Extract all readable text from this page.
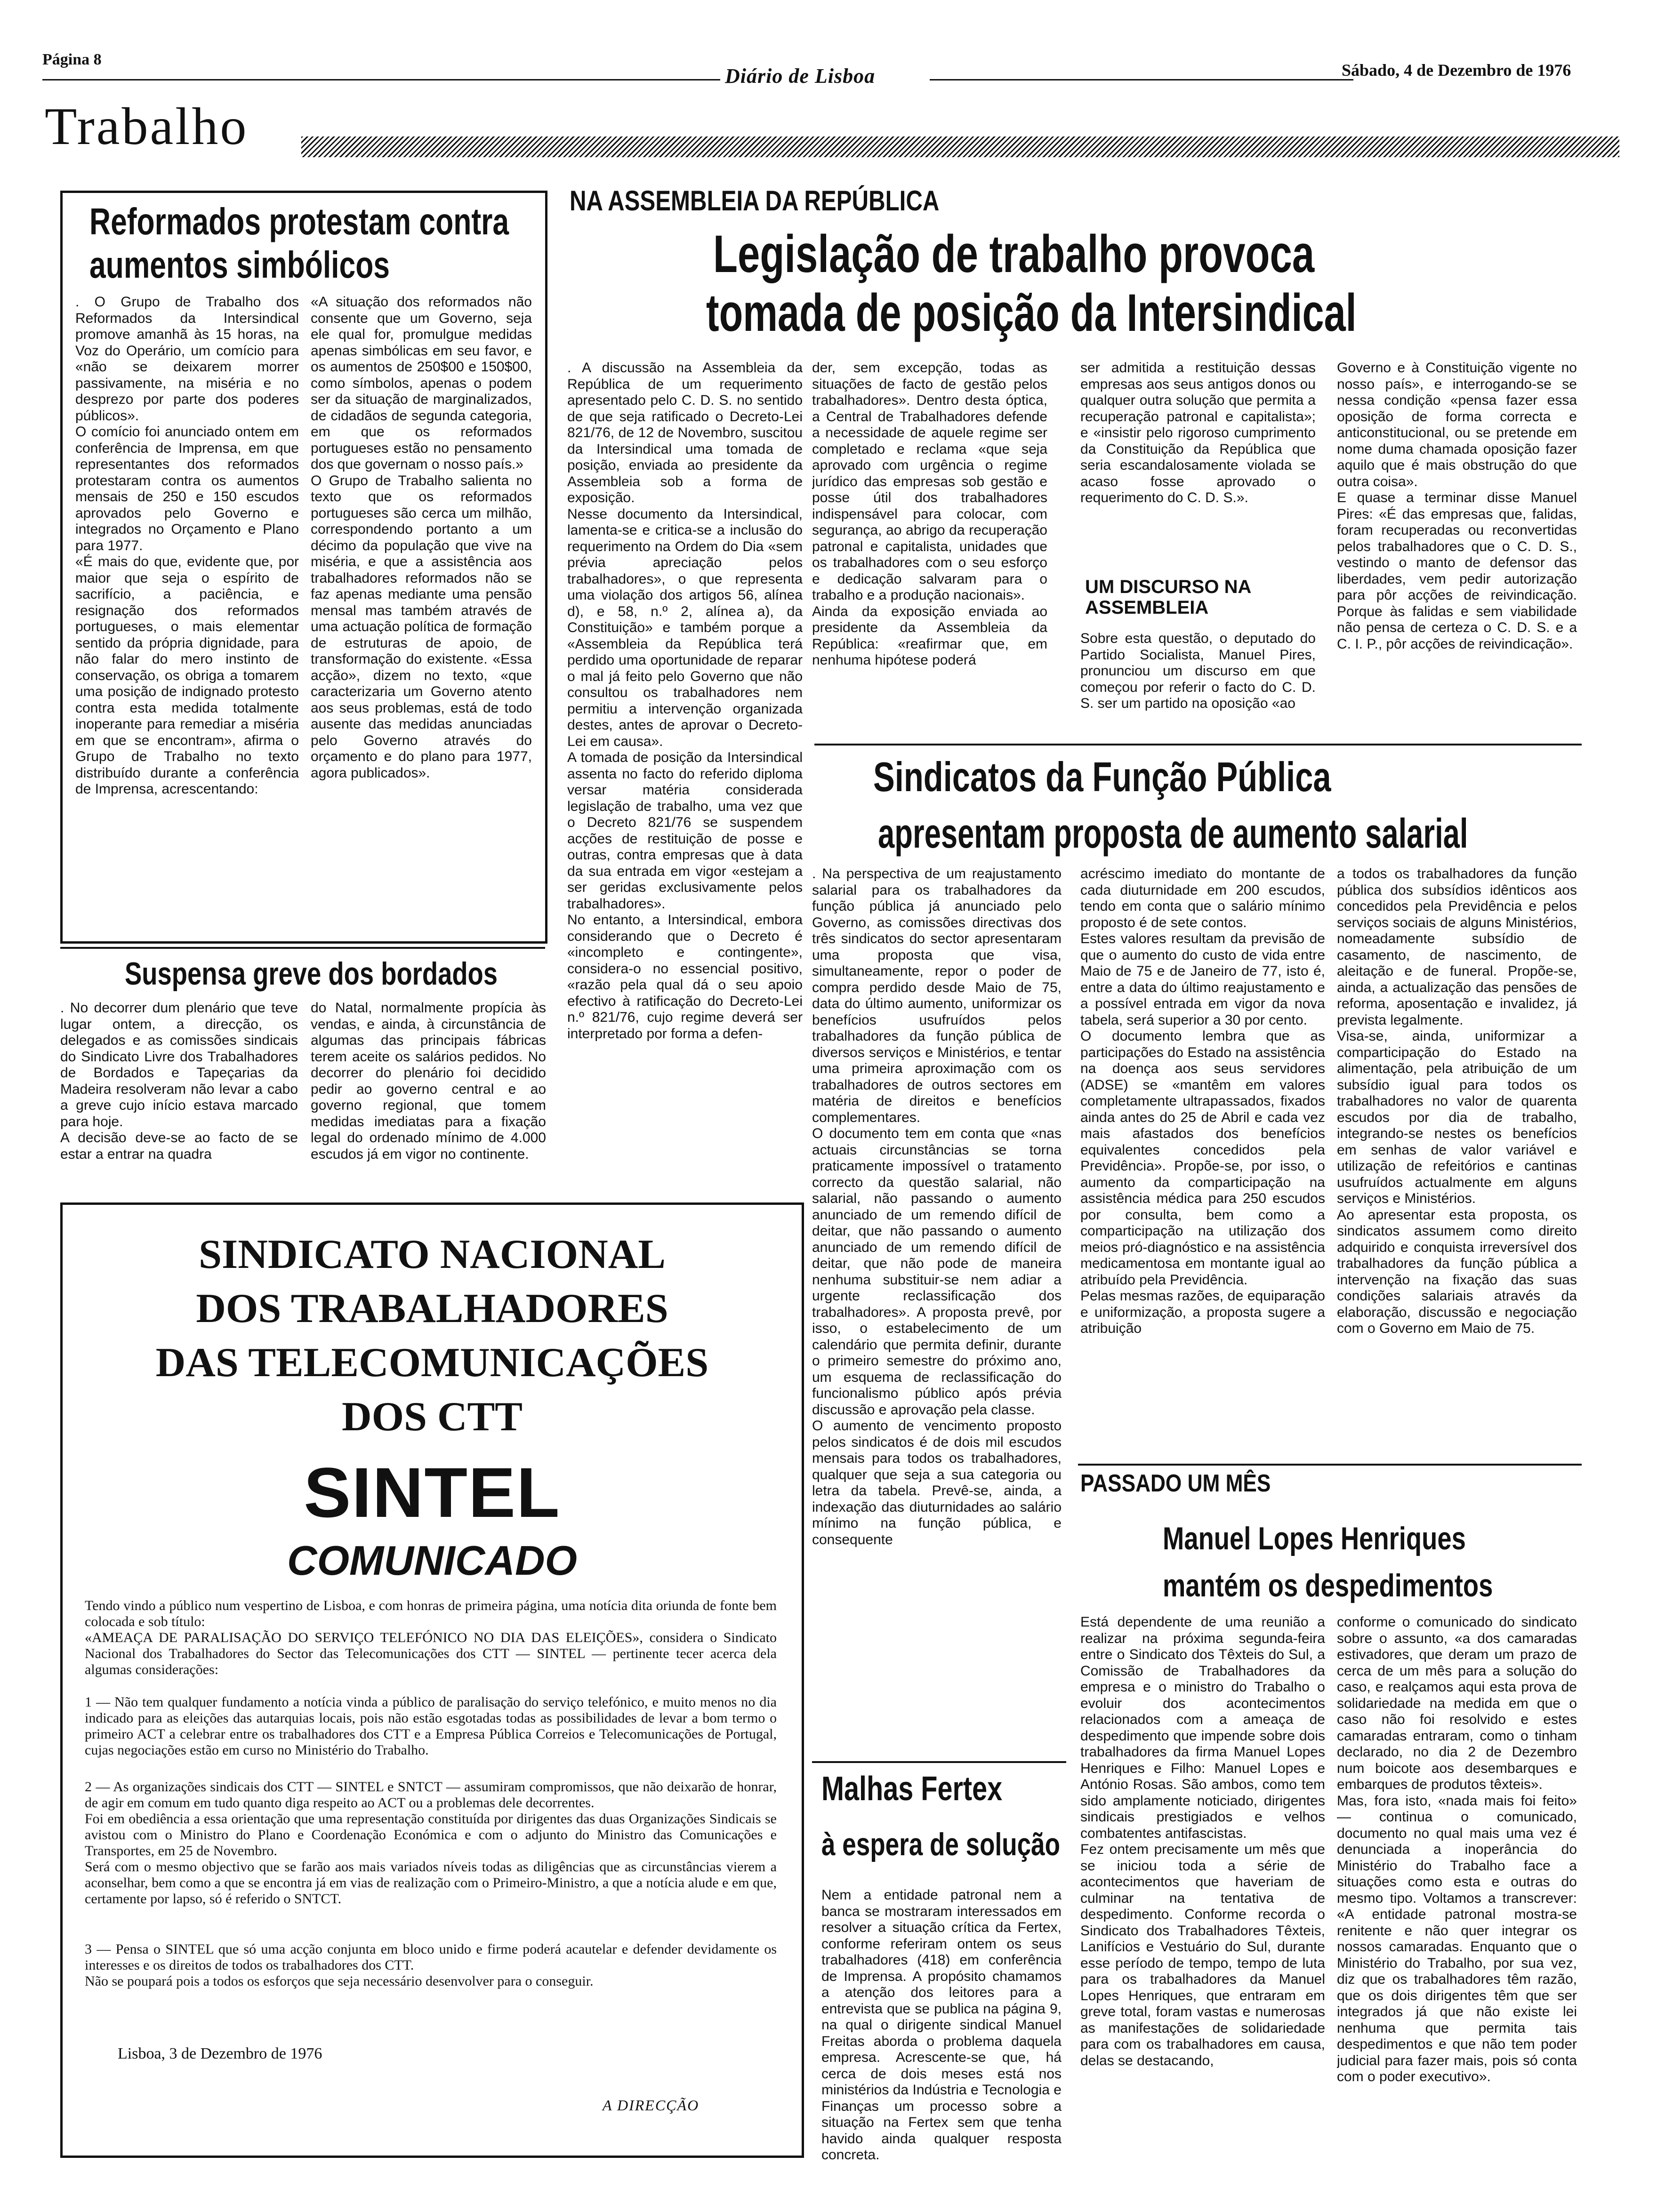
Página 8
Diário de Lisboa	Sábado, 4 de Dezembro de 1976
Trabalho
Reformados protestam contra aumentos simbólicos

. O Grupo de Trabalho dos Reformados da Intersindical promove amanhã às 15 horas, na Voz do Operário, um comício para «não se deixarem morrer passivamente, na miséria e no desprezo por parte dos poderes públicos».
O comício foi anunciado ontem em conferência de Imprensa, em que representantes dos reformados protestaram contra os aumentos mensais de 250 e 150 escudos aprovados pelo Governo e integrados no Orçamento e Plano para 1977.
«É mais do que, evidente que, por maior que seja o espírito de sacrifício, a paciência, e resignação dos reformados portugueses, o mais elementar sentido da própria dignidade, para não falar do mero instinto de conservação, os obriga a tomarem uma posição de indignado protesto contra esta medida totalmente inoperante para remediar a miséria em que se encontram», afirma o Grupo de Trabalho no texto distribuído durante a conferência de Imprensa, acrescentando:

«A situação dos reformados não consente que um Governo, seja ele qual for, promulgue medidas apenas simbólicas em seu favor, e os aumentos de 250$00 e 150$00, como símbolos, apenas o podem ser da situação de marginalizados, de cidadãos de segunda categoria, em que os reformados portugueses estão no pensamento dos que governam o nosso país.»
O Grupo de Trabalho salienta no texto que os reformados portugueses são cerca um milhão, correspondendo portanto a um décimo da população que vive na miséria, e que a assistência aos trabalhadores reformados não se faz apenas mediante uma pensão mensal mas também através de uma actuação política de formação de estruturas de apoio, de transformação do existente. «Essa acção», dizem no texto, «que caracterizaria um Governo atento aos seus problemas, está de todo ausente das medidas anunciadas pelo Governo através do orçamento e do plano para 1977, agora publicados».

NA ASSEMBLEIA DA REPÚBLICA
Legislação de trabalho provoca
tomada de posição da Intersindical

. A discussão na Assembleia da República de um requerimento apresentado pelo C. D. S. no sentido de que seja ratificado o Decreto-Lei 821/76, de 12 de Novembro, suscitou da Intersindical uma tomada de posição, enviada ao presidente da Assembleia sob a forma de exposição.
Nesse documento da Intersindical, lamenta-se e critica-se a inclusão do requerimento na Ordem do Dia «sem prévia apreciação pelos trabalhadores», o que representa uma violação dos artigos 56, alínea d), e 58, n.º 2, alínea a), da Constituição» e também porque a «Assembleia da República terá perdido uma oportunidade de reparar o mal já feito pelo Governo que não consultou os trabalhadores nem permitiu a intervenção organizada destes, antes de aprovar o Decreto-Lei em causa».
A tomada de posição da Intersindical assenta no facto do referido diploma versar matéria considerada legislação de trabalho, uma vez que o Decreto 821/76 se suspendem acções de restituição de posse e outras, contra empresas que à data da sua entrada em vigor «estejam a ser geridas exclusivamente pelos trabalhadores».
No entanto, a Intersindical, embora considerando que o Decreto é «incompleto e contingente», considera-o no essencial positivo, «razão pela qual dá o seu apoio efectivo à ratificação do Decreto-Lei n.º 821/76, cujo regime deverá ser interpretado por forma a defen-

der, sem excepção, todas as situações de facto de gestão pelos trabalhadores». Dentro desta óptica, a Central de Trabalhadores defende a necessidade de aquele regime ser completado e reclama «que seja aprovado com urgência o regime jurídico das empresas sob gestão e posse útil dos trabalhadores indispensável para colocar, com segurança, ao abrigo da recuperação patronal e capitalista, unidades que os trabalhadores com o seu esforço e dedicação salvaram para o trabalho e a produção nacionais».
Ainda da exposição enviada ao presidente da Assembleia da República: «reafirmar que, em nenhuma hipótese poderá

ser admitida a restituição dessas empresas aos seus antigos donos ou qualquer outra solução que permita a recuperação patronal e capitalista»; e «insistir pelo rigoroso cumprimento da Constituição da República que seria escandalosamente violada se acaso fosse aprovado o requerimento do C. D. S.».

UM DISCURSO NA ASSEMBLEIA

Sobre esta questão, o deputado do Partido Socialista, Manuel Pires, pronunciou um discurso em que começou por referir o facto do C. D. S. ser um partido na oposição «ao

Governo e à Constituição vigente no nosso país», e interrogando-se se nessa condição «pensa fazer essa oposição de forma correcta e anticonstitucional, ou se pretende em nome duma chamada oposição fazer aquilo que é mais obstrução do que outra coisa».
E quase a terminar disse Manuel Pires: «É das empresas que, falidas, foram recuperadas ou reconvertidas pelos trabalhadores que o C. D. S., vestindo o manto de defensor das liberdades, vem pedir autorização para pôr acções de reivindicação. Porque às falidas e sem viabilidade não pensa de certeza o C. D. S. e a C. I. P., pôr acções de reivindicação».

Suspensa greve dos bordados

. No decorrer dum plenário que teve lugar ontem, a direcção, os delegados e as comissões sindicais do Sindicato Livre dos Trabalhadores de Bordados e Tapeçarias da Madeira resolveram não levar a cabo a greve cujo início estava marcado para hoje.
A decisão deve-se ao facto de se estar a entrar na quadra

do Natal, normalmente propícia às vendas, e ainda, à circunstância de algumas das principais fábricas terem aceite os salários pedidos. No decorrer do plenário foi decidido pedir ao governo central e ao governo regional, que tomem medidas imediatas para a fixação legal do ordenado mínimo de 4.000 escudos já em vigor no continente.

SINDICATO NACIONAL
DOS TRABALHADORES
DAS TELECOMUNICAÇÕES
DOS CTT
SINTEL
COMUNICADO
Tendo vindo a público num vespertino de Lisboa, e com honras de primeira página, uma notícia dita oriunda de fonte bem colocada e sob título:
«AMEAÇA DE PARALISAÇÃO DO SERVIÇO TELEFÓNICO NO DIA DAS ELEIÇÕES», considera o Sindicato Nacional dos Trabalhadores do Sector das Telecomunicações dos CTT — SINTEL — pertinente tecer acerca dela algumas considerações:
1 — Não tem qualquer fundamento a notícia vinda a público de paralisação do serviço telefónico, e muito menos no dia indicado para as eleições das autarquias locais, pois não estão esgotadas todas as possibilidades de levar a bom termo o primeiro ACT a celebrar entre os trabalhadores dos CTT e a Empresa Pública Correios e Telecomunicações de Portugal, cujas negociações estão em curso no Ministério do Trabalho.
2 — As organizações sindicais dos CTT — SINTEL e SNTCT — assumiram compromissos, que não deixarão de honrar, de agir em comum em tudo quanto diga respeito ao ACT ou a problemas dele decorrentes.
Foi em obediência a essa orientação que uma representação constituída por dirigentes das duas Organizações Sindicais se avistou com o Ministro do Plano e Coordenação Económica e com o adjunto do Ministro das Comunicações e Transportes, em 25 de Novembro.
Será com o mesmo objectivo que se farão aos mais variados níveis todas as diligências que as circunstâncias vierem a aconselhar, bem como a que se encontra já em vias de realização com o Primeiro-Ministro, a que a notícia alude e em que, certamente por lapso, só é referido o SNTCT.
3 — Pensa o SINTEL que só uma acção conjunta em bloco unido e firme poderá acautelar e defender devidamente os interesses e os direitos de todos os trabalhadores dos CTT.
Não se poupará pois a todos os esforços que seja necessário desenvolver para o conseguir.
Lisboa, 3 de Dezembro de 1976
A DIRECÇÃO
Sindicatos da Função Pública
apresentam proposta de aumento salarial

. Na perspectiva de um reajustamento salarial para os trabalhadores da função pública já anunciado pelo Governo, as comissões directivas dos três sindicatos do sector apresentaram uma proposta que visa, simultaneamente, repor o poder de compra perdido desde Maio de 75, data do último aumento, uniformizar os benefícios usufruídos pelos trabalhadores da função pública de diversos serviços e Ministérios, e tentar uma primeira aproximação com os trabalhadores de outros sectores em matéria de direitos e benefícios complementares.
O documento tem em conta que «nas actuais circunstâncias se torna praticamente impossível o tratamento correcto da questão salarial, não salarial, não passando o aumento anunciado de um remendo difícil de deitar, que não passando o aumento anunciado de um remendo difícil de deitar, que não pode de maneira nenhuma substituir-se nem adiar a urgente reclassificação dos trabalhadores». A proposta prevê, por isso, o estabelecimento de um calendário que permita definir, durante o primeiro semestre do próximo ano, um esquema de reclassificação do funcionalismo público após prévia discussão e aprovação pela classe.
O aumento de vencimento proposto pelos sindicatos é de dois mil escudos mensais para todos os trabalhadores, qualquer que seja a sua categoria ou letra da tabela. Prevê-se, ainda, a indexação das diuturnidades ao salário mínimo na função pública, e consequente

acréscimo imediato do montante de cada diuturnidade em 200 escudos, tendo em conta que o salário mínimo proposto é de sete contos.
Estes valores resultam da previsão de que o aumento do custo de vida entre Maio de 75 e de Janeiro de 77, isto é, entre a data do último reajustamento e a possível entrada em vigor da nova tabela, será superior a 30 por cento.
O documento lembra que as participações do Estado na assistência na doença aos seus servidores (ADSE) se «mantêm em valores completamente ultrapassados, fixados ainda antes do 25 de Abril e cada vez mais afastados dos benefícios equivalentes concedidos pela Previdência». Propõe-se, por isso, o aumento da comparticipação na assistência médica para 250 escudos por consulta, bem como a comparticipação na utilização dos meios pró-diagnóstico e na assistência medicamentosa em montante igual ao atribuído pela Previdência.
Pelas mesmas razões, de equiparação e uniformização, a proposta sugere a atribuição

a todos os trabalhadores da função pública dos subsídios idênticos aos concedidos pela Previdência e pelos serviços sociais de alguns Ministérios, nomeadamente subsídio de casamento, de nascimento, de aleitação e de funeral. Propõe-se, ainda, a actualização das pensões de reforma, aposentação e invalidez, já prevista legalmente.
Visa-se, ainda, uniformizar a comparticipação do Estado na alimentação, pela atribuição de um subsídio igual para todos os trabalhadores no valor de quarenta escudos por dia de trabalho, integrando-se nestes os benefícios em senhas de valor variável e utilização de refeitórios e cantinas usufruídos actualmente em alguns serviços e Ministérios.
Ao apresentar esta proposta, os sindicatos assumem como direito adquirido e conquista irreversível dos trabalhadores da função pública a intervenção na fixação das suas condições salariais através da elaboração, discussão e negociação com o Governo em Maio de 75.

PASSADO UM MÊS
Manuel Lopes Henriques
mantém os despedimentos

Está dependente de uma reunião a realizar na próxima segunda-feira entre o Sindicato dos Têxteis do Sul, a Comissão de Trabalhadores da empresa e o ministro do Trabalho o evoluir dos acontecimentos relacionados com a ameaça de despedimento que impende sobre dois trabalhadores da firma Manuel Lopes Henriques e Filho: Manuel Lopes e António Rosas. São ambos, como tem sido amplamente noticiado, dirigentes sindicais prestigiados e velhos combatentes antifascistas.
Fez ontem precisamente um mês que se iniciou toda a série de acontecimentos que haveriam de culminar na tentativa de despedimento. Conforme recorda o Sindicato dos Trabalhadores Têxteis, Lanifícios e Vestuário do Sul, durante esse período de tempo, tempo de luta para os trabalhadores da Manuel Lopes Henriques, que entraram em greve total, foram vastas e numerosas as manifestações de solidariedade para com os trabalhadores em causa, delas se destacando,

conforme o comunicado do sindicato sobre o assunto, «a dos camaradas estivadores, que deram um prazo de cerca de um mês para a solução do caso, e realçamos aqui esta prova de solidariedade na medida em que o caso não foi resolvido e estes camaradas entraram, como o tinham declarado, no dia 2 de Dezembro num boicote aos desembarques e embarques de produtos têxteis».
Mas, fora isto, «nada mais foi feito» — continua o comunicado, documento no qual mais uma vez é denunciada a inoperância do Ministério do Trabalho face a situações como esta e outras do mesmo tipo. Voltamos a transcrever: «A entidade patronal mostra-se renitente e não quer integrar os nossos camaradas. Enquanto que o Ministério do Trabalho, por sua vez, diz que os trabalhadores têm razão, que os dois dirigentes têm que ser integrados já que não existe lei nenhuma que permita tais despedimentos e que não tem poder judicial para fazer mais, pois só conta com o poder executivo».

Malhas Fertex
à espera de solução

Nem a entidade patronal nem a banca se mostraram interessados em resolver a situação crítica da Fertex, conforme referiram ontem os seus trabalhadores (418) em conferência de Imprensa. A propósito chamamos a atenção dos leitores para a entrevista que se publica na página 9, na qual o dirigente sindical Manuel Freitas aborda o problema daquela empresa. Acrescente-se que, há cerca de dois meses está nos ministérios da Indústria e Tecnologia e Finanças um processo sobre a situação na Fertex sem que tenha havido ainda qualquer resposta concreta.
